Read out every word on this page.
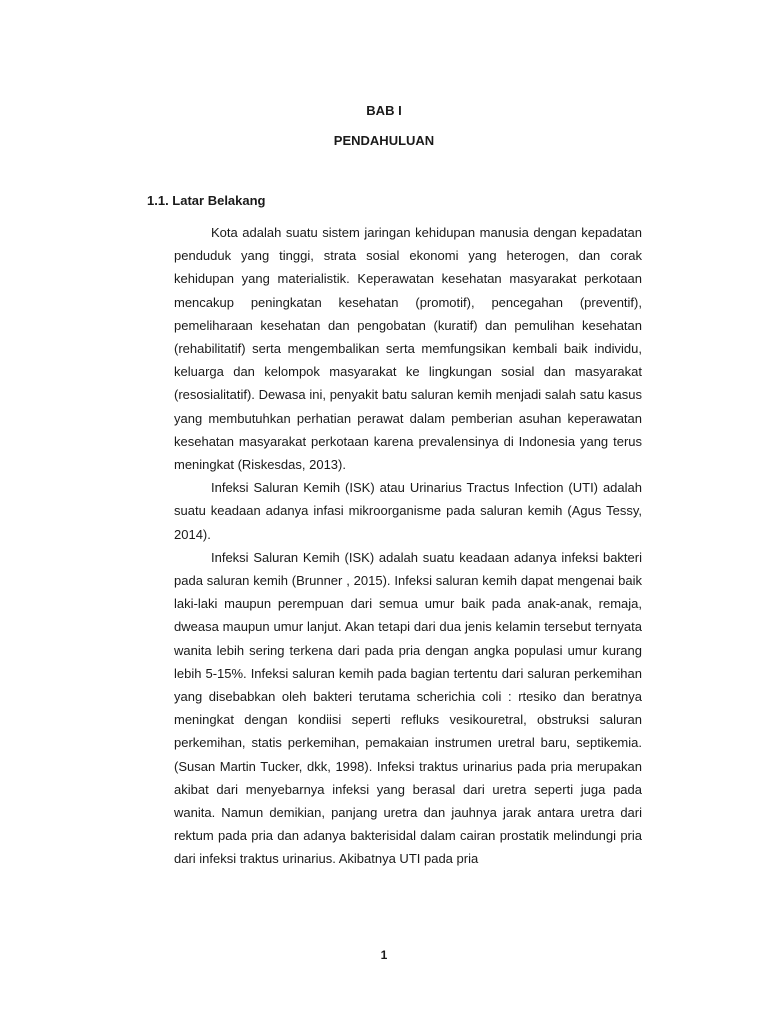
BAB I
PENDAHULUAN
1.1. Latar Belakang

Kota adalah suatu sistem jaringan kehidupan manusia dengan kepadatan penduduk yang tinggi, strata sosial ekonomi yang heterogen, dan corak kehidupan yang materialistik. Keperawatan kesehatan masyarakat perkotaan mencakup peningkatan kesehatan (promotif), pencegahan (preventif), pemeliharaan kesehatan dan pengobatan (kuratif) dan pemulihan kesehatan (rehabilitatif) serta mengembalikan serta memfungsikan kembali baik individu, keluarga dan kelompok masyarakat ke lingkungan sosial dan masyarakat (resosialitatif). Dewasa ini, penyakit batu saluran kemih menjadi salah satu kasus yang membutuhkan perhatian perawat dalam pemberian asuhan keperawatan kesehatan masyarakat perkotaan karena prevalensinya di Indonesia yang terus meningkat (Riskesdas, 2013).

Infeksi Saluran Kemih (ISK) atau Urinarius Tractus Infection (UTI) adalah suatu keadaan adanya infasi mikroorganisme pada saluran kemih (Agus Tessy, 2014).

Infeksi Saluran Kemih (ISK) adalah suatu keadaan adanya infeksi bakteri pada saluran kemih (Brunner , 2015). Infeksi saluran kemih dapat mengenai baik laki-laki maupun perempuan dari semua umur baik pada anak-anak, remaja, dweasa maupun umur lanjut. Akan tetapi dari dua jenis kelamin tersebut ternyata wanita lebih sering terkena dari pada pria dengan angka populasi umur kurang lebih 5-15%. Infeksi saluran kemih pada bagian tertentu dari saluran perkemihan yang disebabkan oleh bakteri terutama scherichia coli : rtesiko dan beratnya meningkat dengan kondiisi seperti refluks vesikouretral, obstruksi saluran perkemihan, statis perkemihan, pemakaian instrumen uretral baru, septikemia. (Susan Martin Tucker, dkk, 1998). Infeksi traktus urinarius pada pria merupakan akibat dari menyebarnya infeksi yang berasal dari uretra seperti juga pada wanita. Namun demikian, panjang uretra dan jauhnya jarak antara uretra dari rektum pada pria dan adanya bakterisidal dalam cairan prostatik melindungi pria dari infeksi traktus urinarius. Akibatnya UTI pada pria

1
